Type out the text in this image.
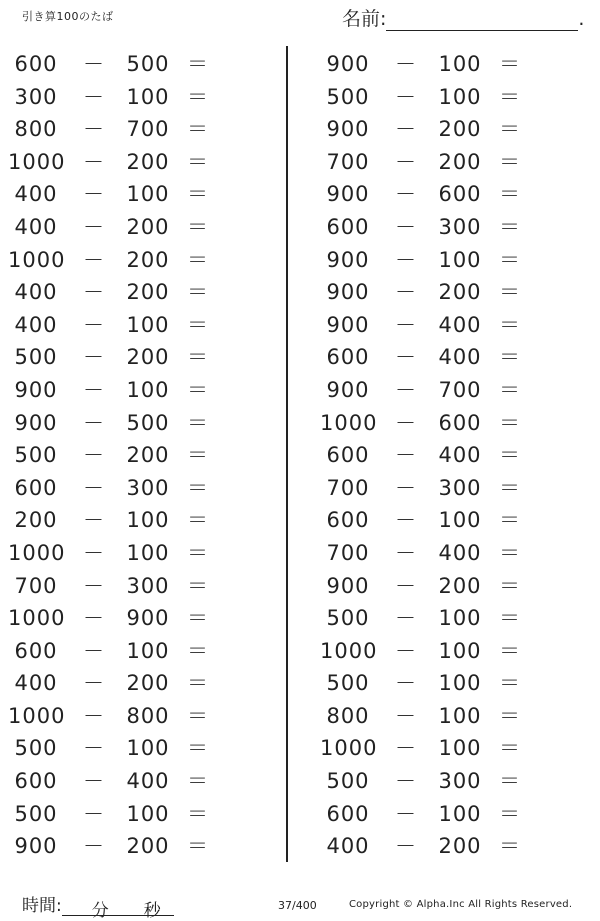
引き算100のたば	名前:	.
600	－	500 ＝
300	－	100 ＝
800	－	700 ＝
1000 －	200 ＝
400	－	100 ＝
400	－	200 ＝
1000 －	200 ＝
400	－	200 ＝
400	－	100 ＝
500	－	200 ＝
900	－	100 ＝
900	－	500 ＝
500	－	200 ＝
600	－	300 ＝
200	－	100 ＝
1000 －	100 ＝
700	－	300 ＝
1000 －	900 ＝
600	－	100 ＝
400	－	200 ＝
1000 －	800 ＝
500	－	100 ＝
600	－	400 ＝
500	－	100 ＝
900	－	200 ＝
900	－	100 ＝
500	－	100 ＝
900	－	200 ＝
700	－	200 ＝
900	－	600 ＝
600	－	300 ＝
900	－	100 ＝
900	－	200 ＝
900	－	400 ＝
600	－	400 ＝
900	－	700 ＝
1000 －	600 ＝
600	－	400 ＝
700	－	300 ＝
600	－	100 ＝
700	－	400 ＝
900	－	200 ＝
500	－	100 ＝
1000 －	100 ＝
500	－	100 ＝
800	－	100 ＝
1000 －	100 ＝
500	－	300 ＝
600	－	100 ＝
400	－	200 ＝
時間: 分 秒	37/400	Copyright © Alpha.Inc All Rights Reserved.
